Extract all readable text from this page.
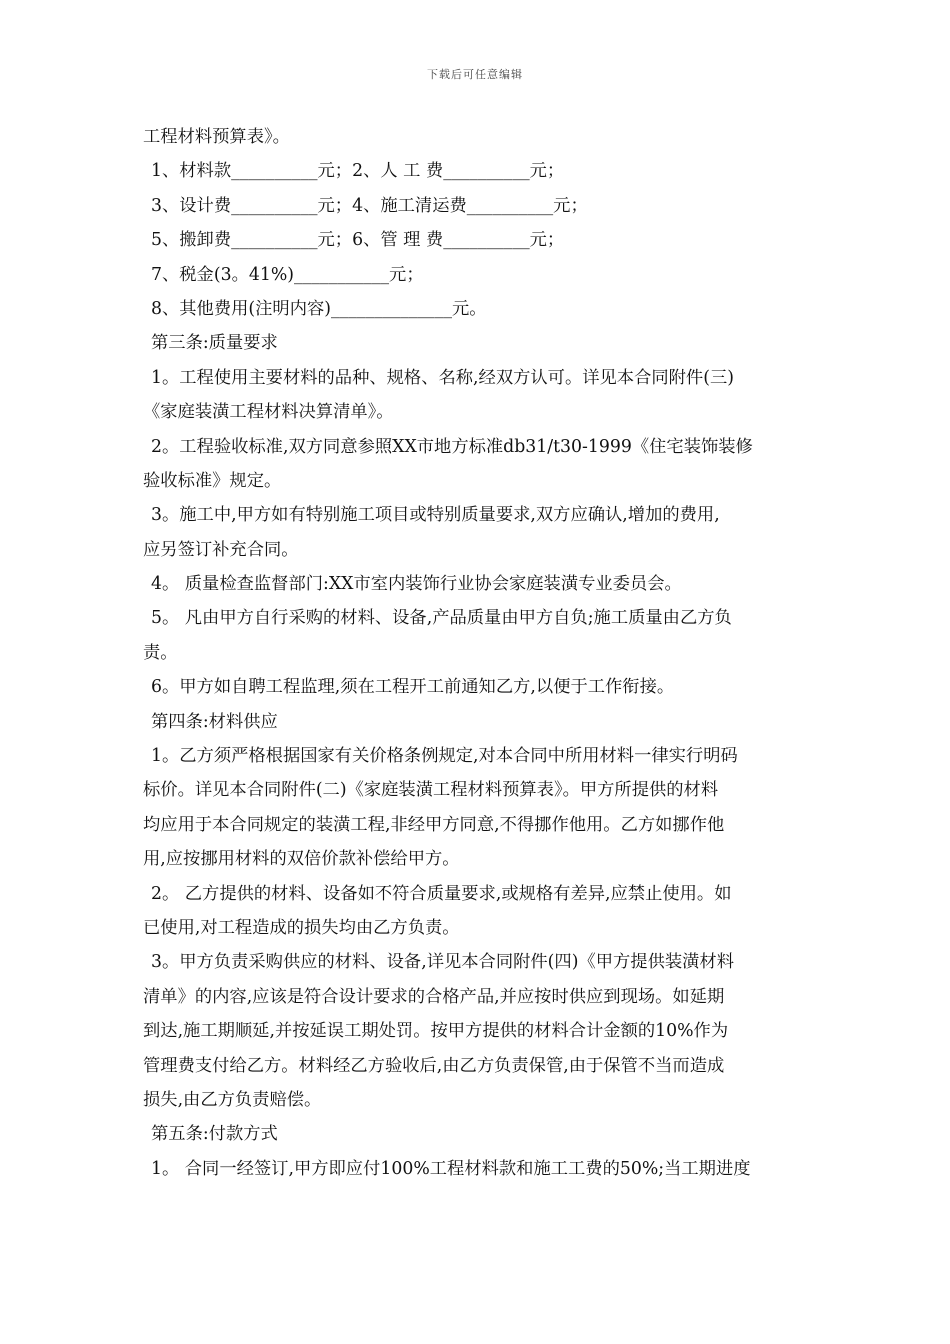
下载后可任意编辑
工程材料预算表》。
1、材料款__________元；2、人 工 费__________元；
3、设计费__________元；4、施工清运费__________元；
5、搬卸费__________元；6、管 理 费__________元；
7、税金(3。41%)___________元；
8、其他费用(注明内容)______________元。
第三条:质量要求
1。工程使用主要材料的品种、规格、名称,经双方认可。详见本合同附件(三)
《家庭装潢工程材料决算清单》。
2。工程验收标准,双方同意参照XX市地方标准db31/t30-1999《住宅装饰装修
验收标准》规定。
3。施工中,甲方如有特别施工项目或特别质量要求,双方应确认,增加的费用,
应另签订补充合同。
4。 质量检查监督部门:XX市室内装饰行业协会家庭装潢专业委员会。
5。 凡由甲方自行采购的材料、设备,产品质量由甲方自负;施工质量由乙方负
责。
6。甲方如自聘工程监理,须在工程开工前通知乙方,以便于工作衔接。
第四条:材料供应
1。乙方须严格根据国家有关价格条例规定,对本合同中所用材料一律实行明码
标价。详见本合同附件(二)《家庭装潢工程材料预算表》。甲方所提供的材料
均应用于本合同规定的装潢工程,非经甲方同意,不得挪作他用。乙方如挪作他
用,应按挪用材料的双倍价款补偿给甲方。
2。 乙方提供的材料、设备如不符合质量要求,或规格有差异,应禁止使用。如
已使用,对工程造成的损失均由乙方负责。
3。甲方负责采购供应的材料、设备,详见本合同附件(四)《甲方提供装潢材料
清单》的内容,应该是符合设计要求的合格产品,并应按时供应到现场。如延期
到达,施工期顺延,并按延误工期处罚。按甲方提供的材料合计金额的10%作为
管理费支付给乙方。材料经乙方验收后,由乙方负责保管,由于保管不当而造成
损失,由乙方负责赔偿。
第五条:付款方式
1。 合同一经签订,甲方即应付100%工程材料款和施工工费的50%;当工期进度
